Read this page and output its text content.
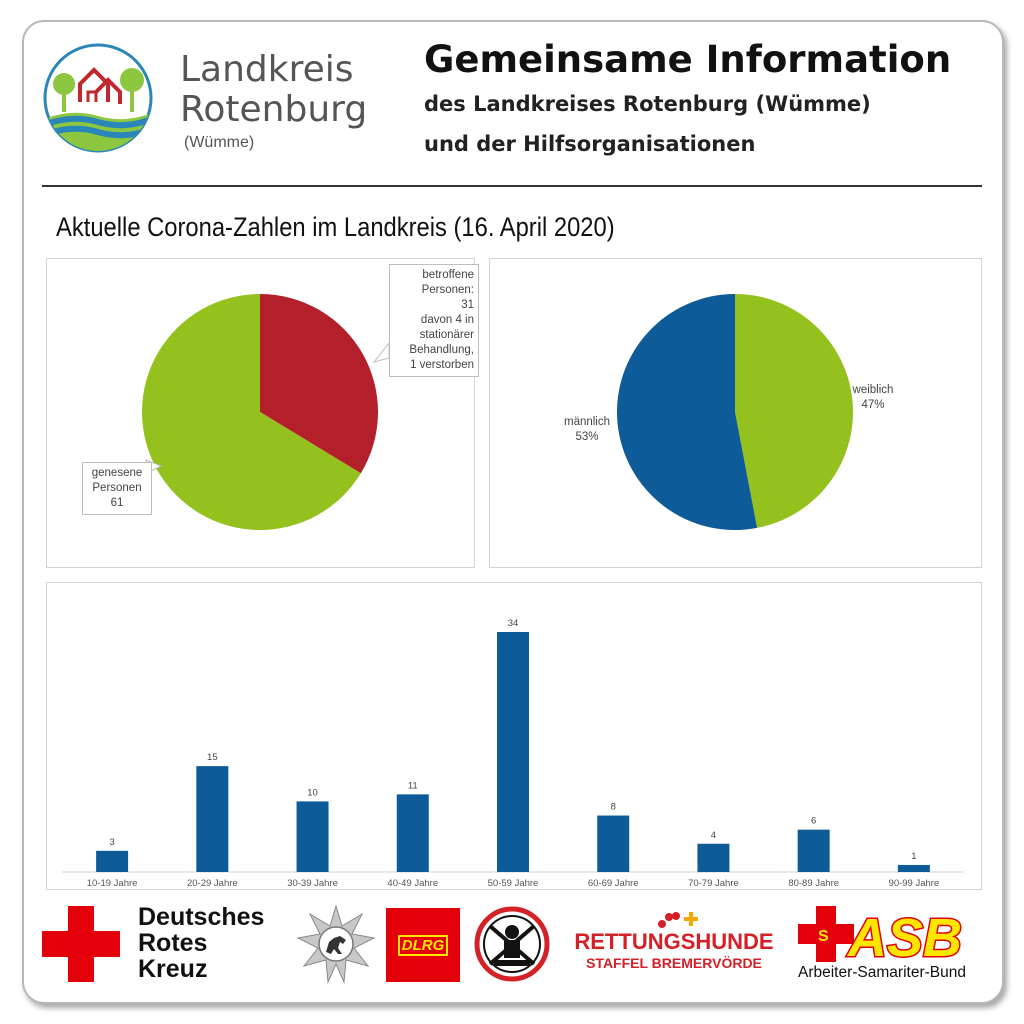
Landkreis
Rotenburg
(Wümme)
Gemeinsame Information
des Landkreises Rotenburg (Wümme)
und der Hilfsorganisationen
Aktuelle Corona-Zahlen im Landkreis (16. April 2020)
betroffene
Personen:
31
davon 4 in
stationärer
Behandlung,
1 verstorben
genesene
Personen
61
weiblich
47%
männlich
53%
3
10-19 Jahre
15
20-29 Jahre
10
30-39 Jahre
11
40-49 Jahre
34
50-59 Jahre
8
60-69 Jahre
4
70-79 Jahre
6
80-89 Jahre
1
90-99 Jahre
Deutsches
Rotes
Kreuz
DLRG	RETTUNGSHUNDE
STAFFEL BREMERVÖRDE
S ASB
Arbeiter-Samariter-Bund
